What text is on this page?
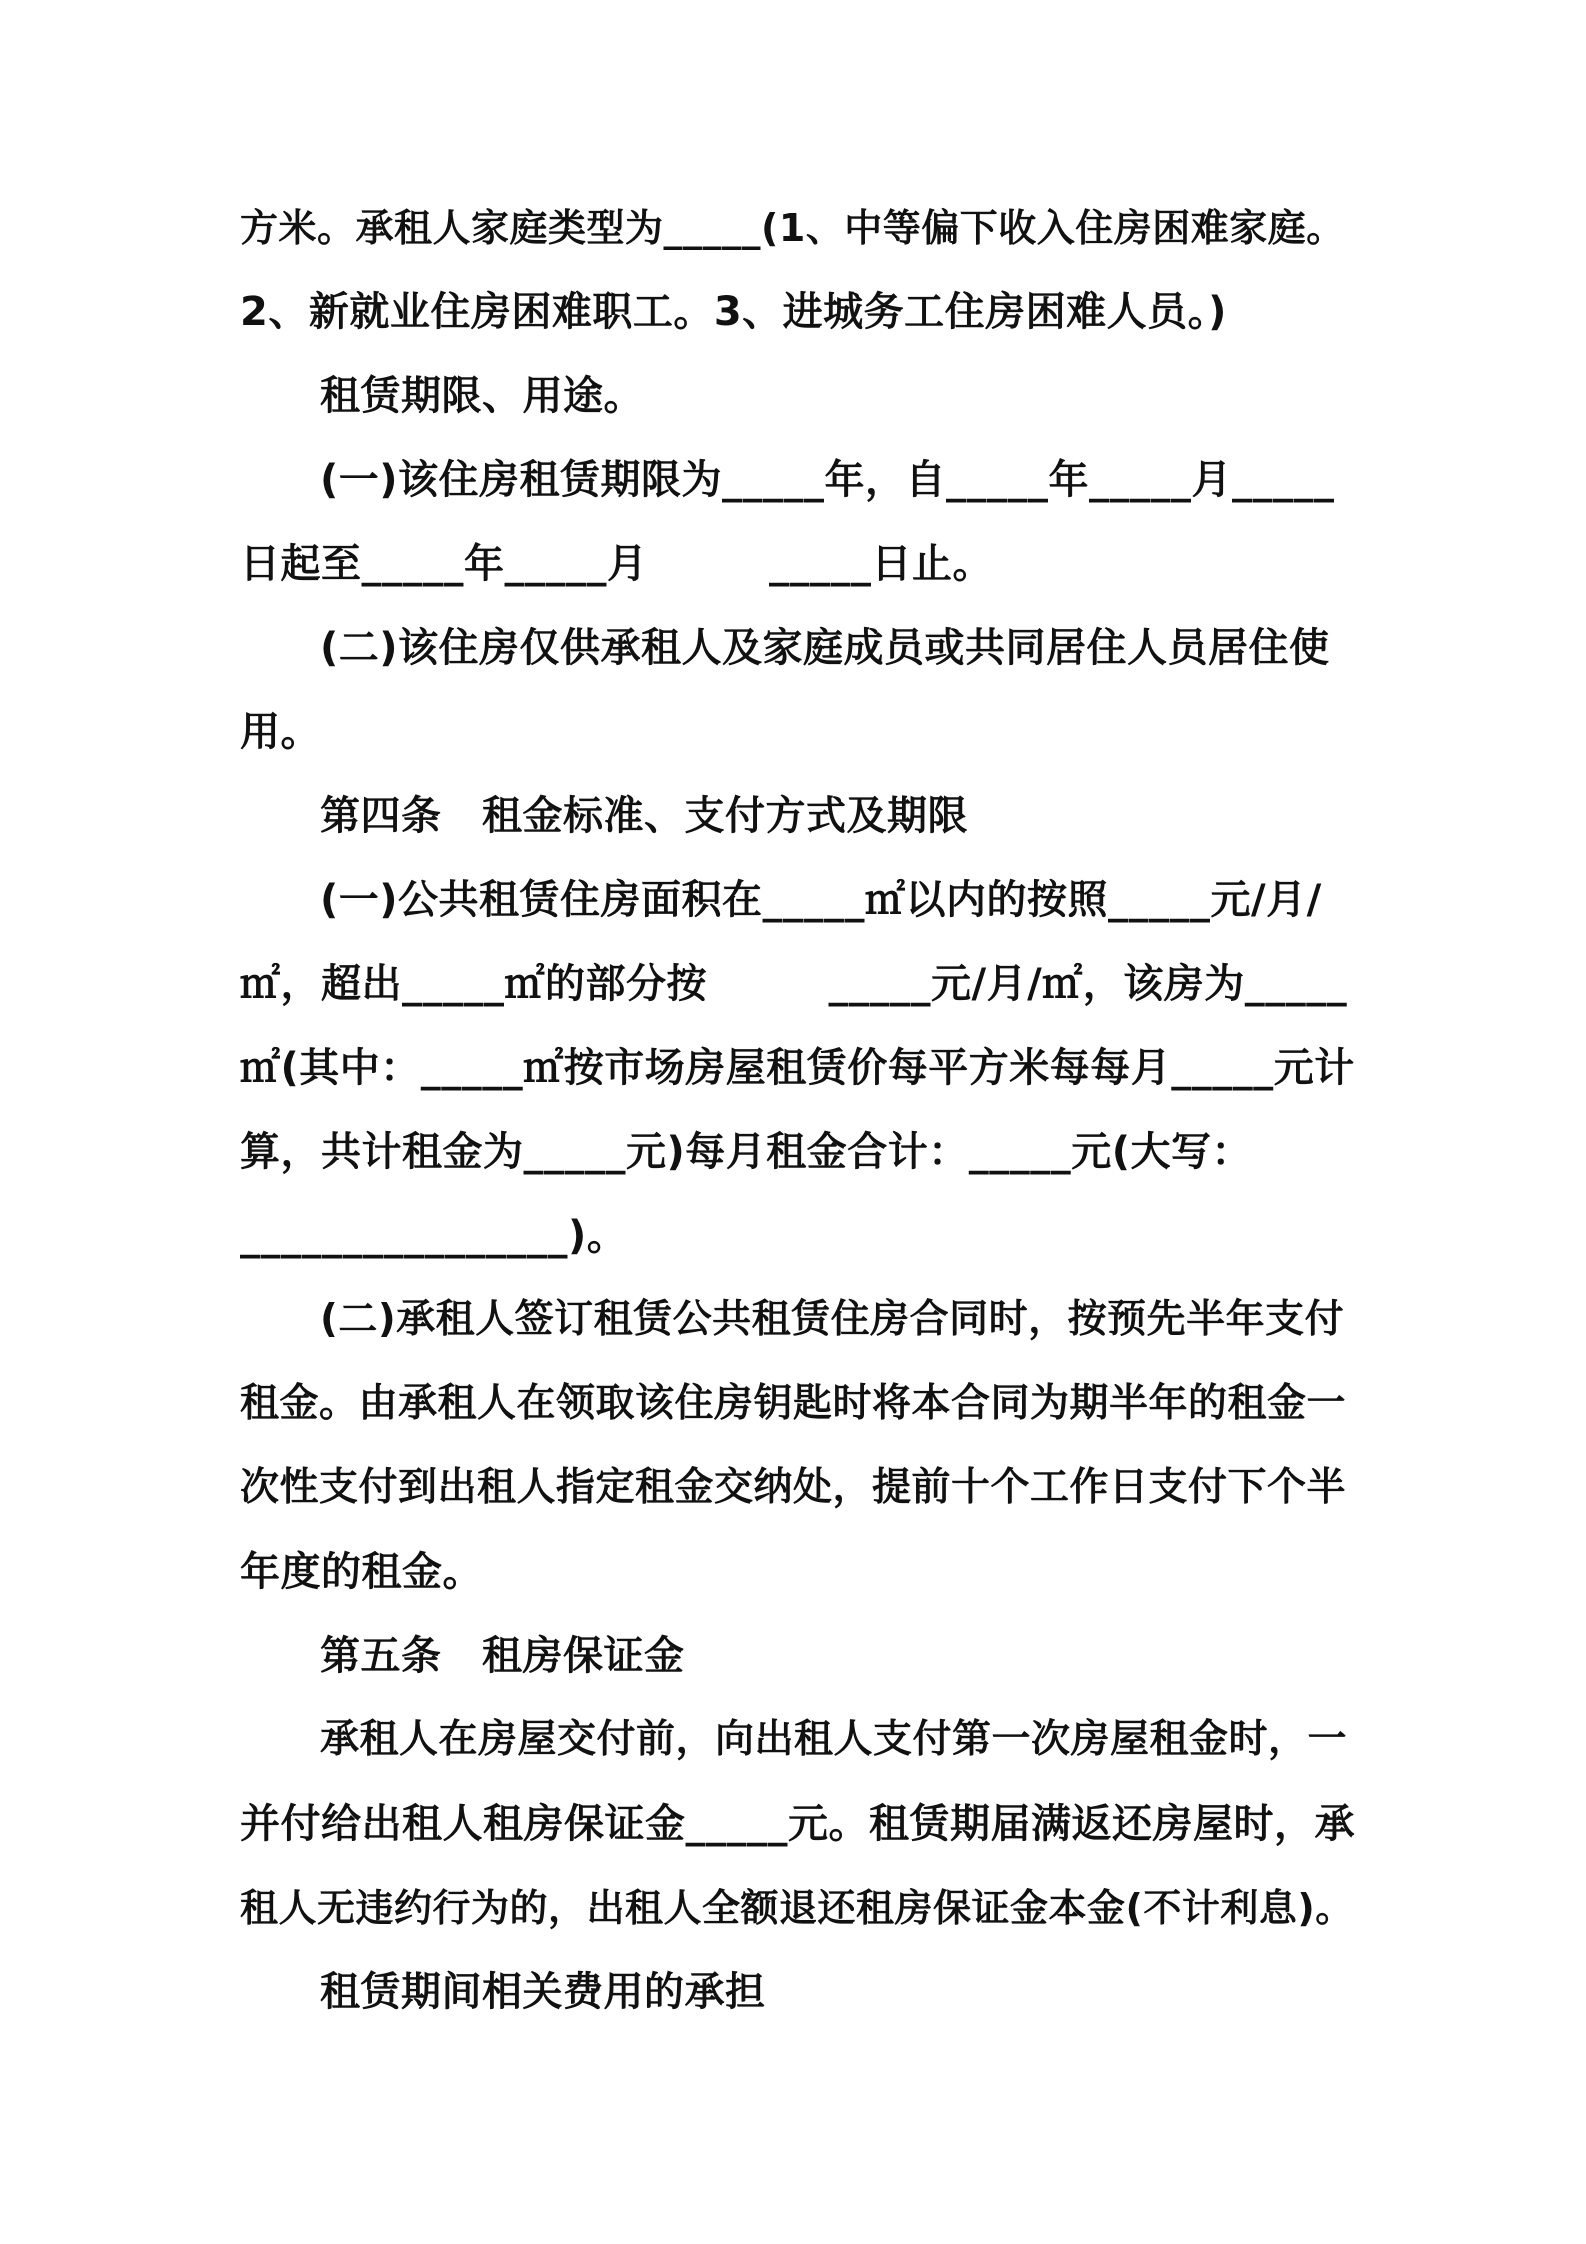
方米。承租人家庭类型为_____(1、中等偏下收入住房困难家庭。
2、新就业住房困难职工。3、进城务工住房困难人员。)
租赁期限、用途。
(一)该住房租赁期限为_____年，自_____年_____月_____
日起至_____年_____月　　　_____日止。
(二)该住房仅供承租人及家庭成员或共同居住人员居住使
用。
第四条　租金标准、支付方式及期限
(一)公共租赁住房面积在_____㎡以内的按照_____元/月/
㎡，超出_____㎡的部分按　　　_____元/月/㎡，该房为_____
㎡(其中：_____㎡按市场房屋租赁价每平方米每每月_____元计
算，共计租金为_____元)每月租金合计：_____元(大写：
________________)。
(二)承租人签订租赁公共租赁住房合同时，按预先半年支付
租金。由承租人在领取该住房钥匙时将本合同为期半年的租金一
次性支付到出租人指定租金交纳处，提前十个工作日支付下个半
年度的租金。
第五条　租房保证金
承租人在房屋交付前，向出租人支付第一次房屋租金时，一
并付给出租人租房保证金_____元。租赁期届满返还房屋时，承
租人无违约行为的，出租人全额退还租房保证金本金(不计利息)。
租赁期间相关费用的承担
